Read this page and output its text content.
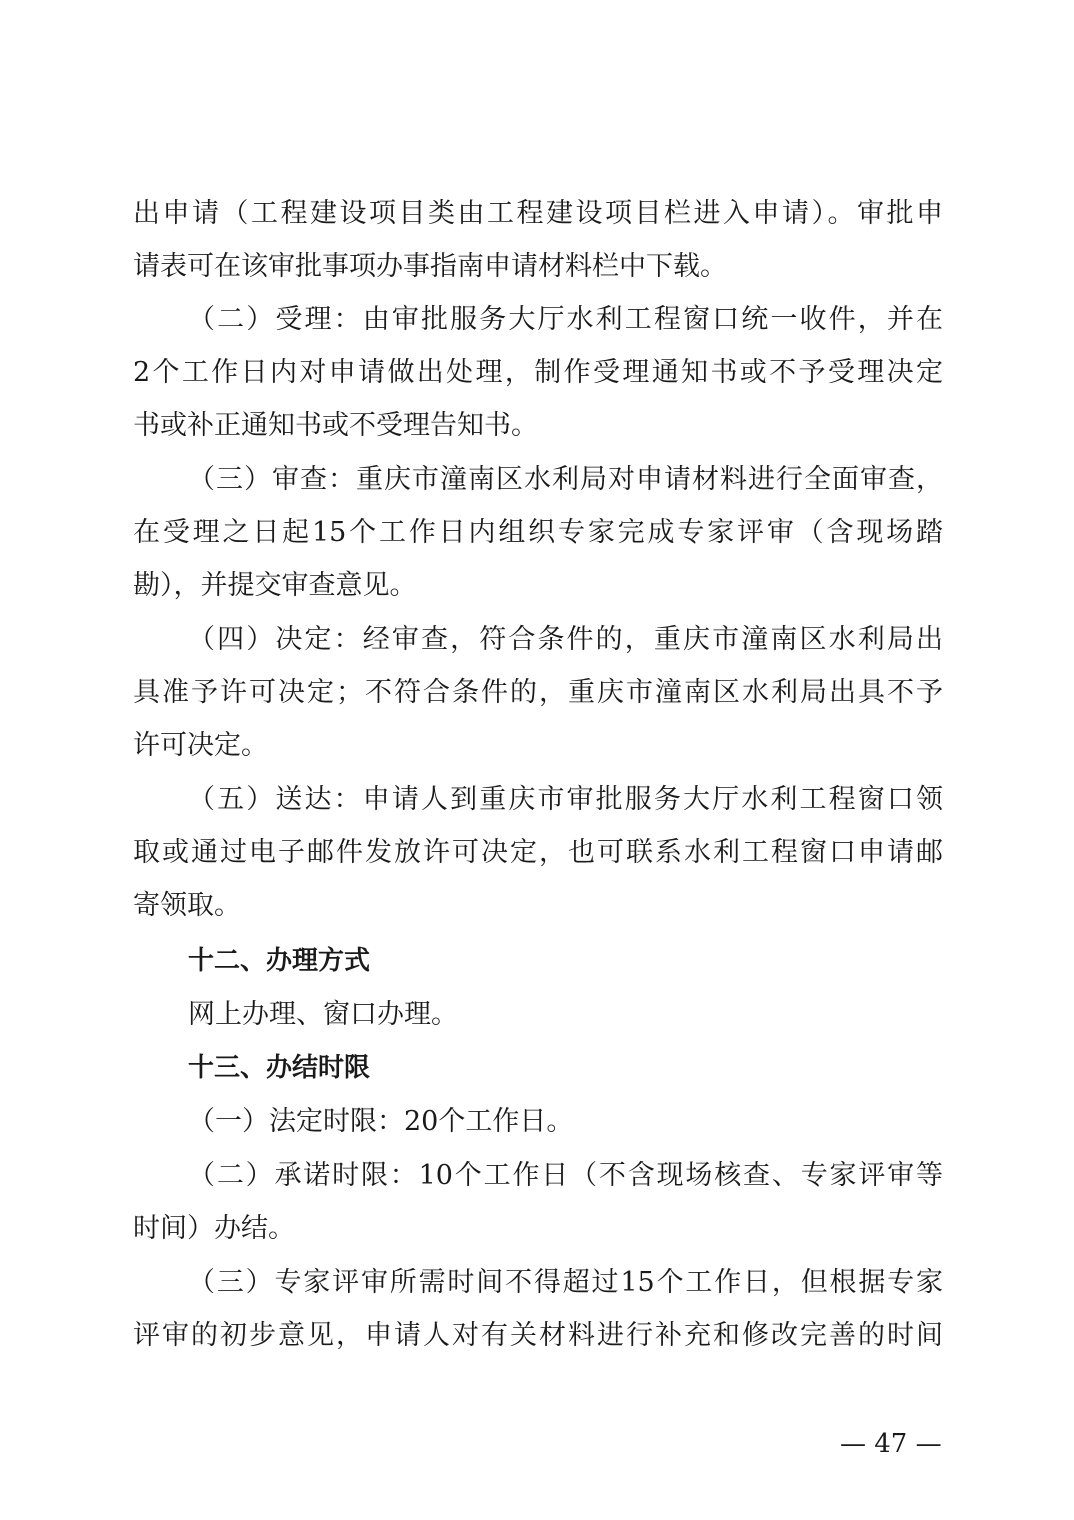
出申请（工程建设项目类由工程建设项目栏进入申请）。审批申
请表可在该审批事项办事指南申请材料栏中下载。
（二）受理：由审批服务大厅水利工程窗口统一收件，并在
2个工作日内对申请做出处理，制作受理通知书或不予受理决定
书或补正通知书或不受理告知书。
（三）审查：重庆市潼南区水利局对申请材料进行全面审查，
在受理之日起15个工作日内组织专家完成专家评审（含现场踏
勘），并提交审查意见。
（四）决定：经审查，符合条件的，重庆市潼南区水利局出
具准予许可决定；不符合条件的，重庆市潼南区水利局出具不予
许可决定。
（五）送达：申请人到重庆市审批服务大厅水利工程窗口领
取或通过电子邮件发放许可决定，也可联系水利工程窗口申请邮
寄领取。
十二、办理方式
网上办理、窗口办理。
十三、办结时限
（一）法定时限：20个工作日。
（二）承诺时限：10个工作日（不含现场核查、专家评审等
时间）办结。
（三）专家评审所需时间不得超过15个工作日，但根据专家
评审的初步意见，申请人对有关材料进行补充和修改完善的时间
— 47 —
